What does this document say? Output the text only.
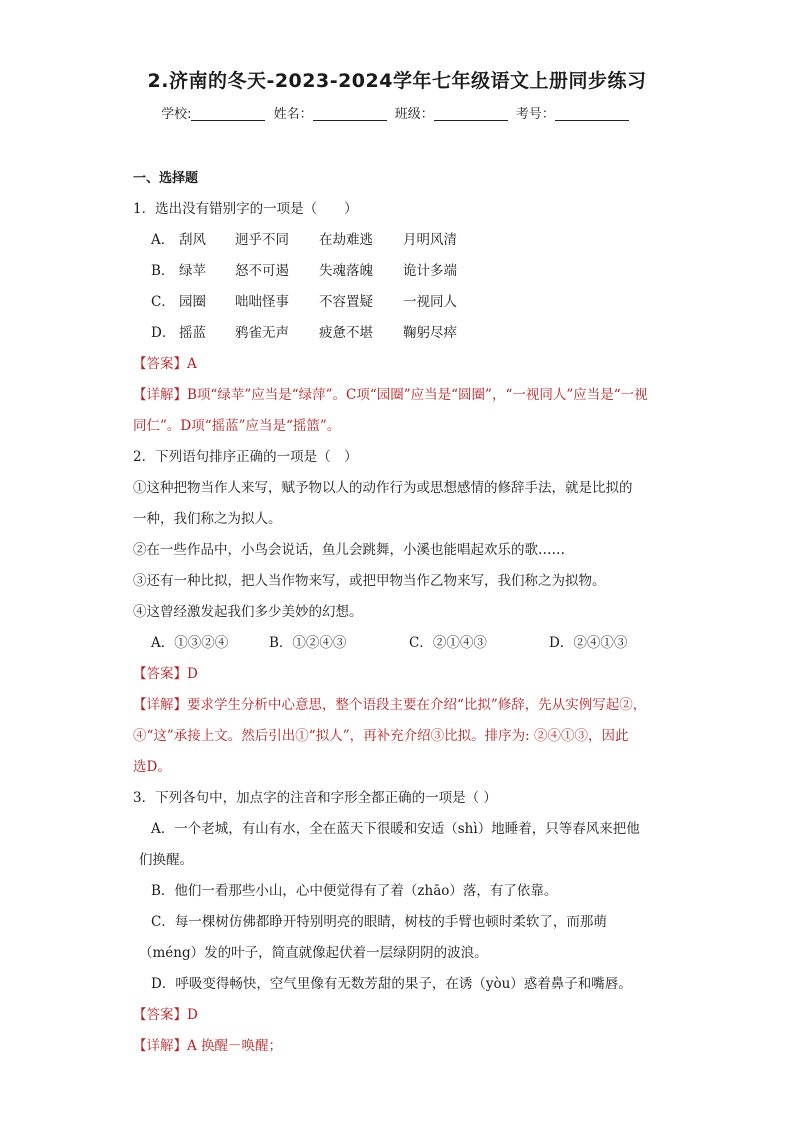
2.济南的冬天-2023-2024学年七年级语文上册同步练习
学校:	姓名：	班级：	考号：
一、选择题
1．选出没有错别字的一项是（　　）
A． 刮风 迥乎不同 在劫难逃 月明风清
B． 绿苹 怒不可遏 失魂落魄 诡计多端
C． 园圈 咄咄怪事 不容置疑 一视同人
D． 摇蓝 鸦雀无声 疲惫不堪 鞠躬尽瘁
【答案】A
【详解】B项“绿苹”应当是“绿萍”。C项“园圈”应当是“圆圈”，“一视同人”应当是“一视
同仁”。D项“摇蓝”应当是“摇篮”。
2．下列语句排序正确的一项是（　）
①这种把物当作人来写，赋予物以人的动作行为或思想感情的修辞手法，就是比拟的
一种，我们称之为拟人。
②在一些作品中，小鸟会说话，鱼儿会跳舞，小溪也能唱起欢乐的歌……
③还有一种比拟，把人当作物来写，或把甲物当作乙物来写，我们称之为拟物。
④这曾经激发起我们多少美妙的幻想。
A．①③②④	B．①②④③	C．②①④③	D．②④①③
【答案】D
【详解】要求学生分析中心意思，整个语段主要在介绍“比拟”修辞，先从实例写起②，
④“这”承接上文。然后引出①“拟人”，再补充介绍③比拟。排序为: ②④①③，因此
选D。
3．下列各句中，加点字的注音和字形全都正确的一项是（ ）
A．一个老城，有山有水，全在蓝天下很暖和安适（shì）地睡着，只等春风来把他
们换醒。
B．他们一看那些小山，心中便觉得有了着（zhāo）落，有了依靠。
C．每一棵树仿佛都睁开特别明亮的眼睛，树枝的手臂也顿时柔软了，而那萌
（méng）发的叶子，简直就像起伏着一层绿阴阴的波浪。
D．呼吸变得畅快，空气里像有无数芳甜的果子，在诱（yòu）惑着鼻子和嘴唇。
【答案】D
【详解】A 换醒－唤醒；
